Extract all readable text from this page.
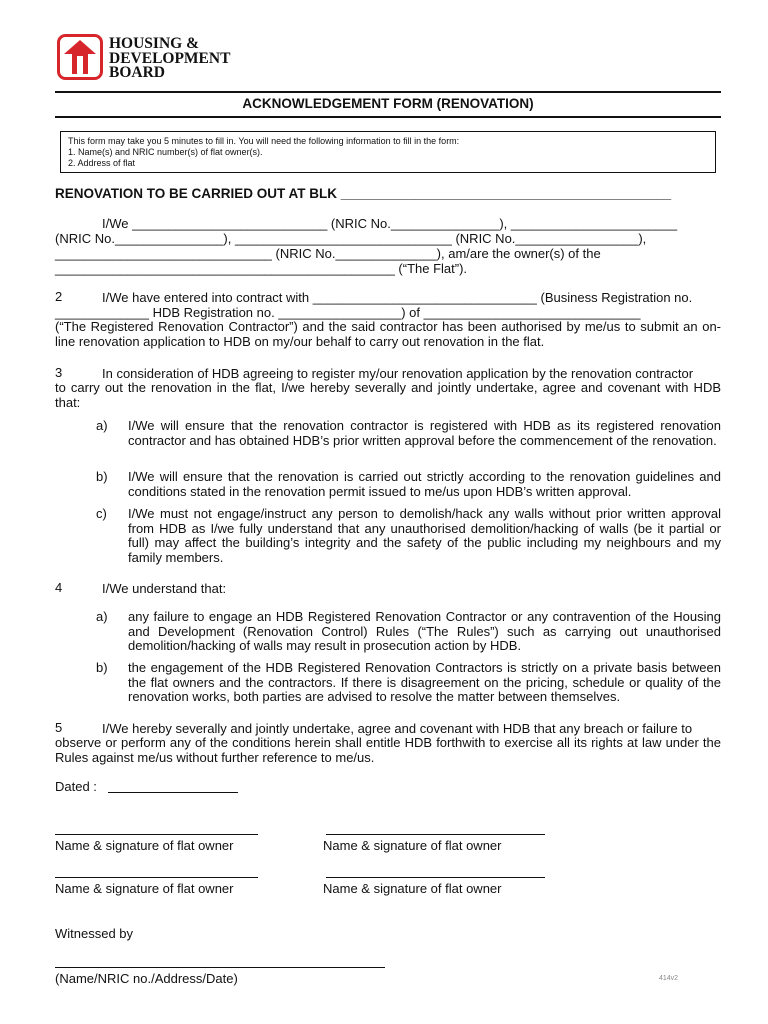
HOUSING &
DEVELOPMENT
BOARD
ACKNOWLEDGEMENT FORM (RENOVATION)
This form may take you 5 minutes to fill in. You will need the following information to fill in the form:
1. Name(s) and NRIC number(s) of flat owner(s).
2. Address of flat
RENOVATION TO BE CARRIED OUT AT BLK ____________________________________________
I/We ___________________________ (NRIC No._______________), _______________________
(NRIC No._______________), ______________________________ (NRIC No._________________),
______________________________ (NRIC No.______________), am/are the owner(s) of the
_______________________________________________ (“The Flat”).
2	I/We have entered into contract with _______________________________ (Business Registration no.
_____________ HDB Registration no. _________________) of ______________________________
(“The Registered Renovation Contractor”) and the said contractor has been authorised by me/us to submit an on-line renovation application to HDB on my/our behalf to carry out renovation in the flat.
3	In consideration of HDB agreeing to register my/our renovation application by the renovation contractor
to carry out the renovation in the flat, I/we hereby severally and jointly undertake, agree and covenant with HDB that:
a) I/We will ensure that the renovation contractor is registered with HDB as its registered renovation contractor and has obtained HDB’s prior written approval before the commencement of the renovation.
b) I/We will ensure that the renovation is carried out strictly according to the renovation guidelines and conditions stated in the renovation permit issued to me/us upon HDB’s written approval.
c) I/We must not engage/instruct any person to demolish/hack any walls without prior written approval from HDB as I/we fully understand that any unauthorised demolition/hacking of walls (be it partial or full) may affect the building’s integrity and the safety of the public including my neighbours and my family members.
4	I/We understand that:
a) any failure to engage an HDB Registered Renovation Contractor or any contravention of the Housing and Development (Renovation Control) Rules (“The Rules”) such as carrying out unauthorised demolition/hacking of walls may result in prosecution action by HDB.
b) the engagement of the HDB Registered Renovation Contractors is strictly on a private basis between the flat owners and the contractors. If there is disagreement on the pricing, schedule or quality of the renovation works, both parties are advised to resolve the matter between themselves.
5	I/We hereby severally and jointly undertake, agree and covenant with HDB that any breach or failure to
observe or perform any of the conditions herein shall entitle HDB forthwith to exercise all its rights at law under the Rules against me/us without further reference to me/us.
Dated :
Name & signature of flat owner	Name & signature of flat owner
Name & signature of flat owner	Name & signature of flat owner
Witnessed by
(Name/NRIC no./Address/Date)	414v2
